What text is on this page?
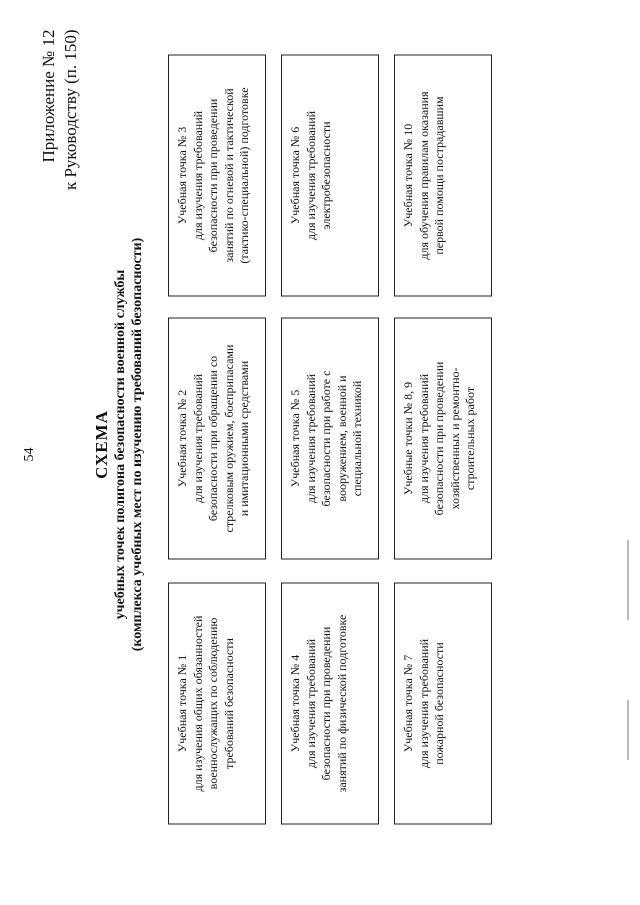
54
Приложение № 12 к Руководству (п. 150)
СХЕМА учебных точек полигона безопасности военной службы (комплекса учебных мест по изучению требований безопасности)
Учебная точка № 1 для изучения общих обязанностей военнослужащих по соблюдению требований безопасности
Учебная точка № 2 для изучения требований безопасности при обращении со стрелковым оружием, боеприпасами и имитационными средствами
Учебная точка № 3 для изучения требований безопасности при проведении занятий по огневой и тактической (тактико-специальной) подготовке
Учебная точка № 4 для изучения требований безопасности при проведении занятий по физической подготовке
Учебная точка № 5 для изучения требований безопасности при работе с вооружением, военной и специальной техникой
Учебная точка № 6 для изучения требований электробезопасности
Учебная точка № 7 для изучения требований пожарной безопасности
Учебные точки № 8, 9 для изучения требований безопасности при проведении хозяйственных и ремонтно- строительных работ
Учебная точка № 10 для обучения правилам оказания первой помощи пострадавшим
